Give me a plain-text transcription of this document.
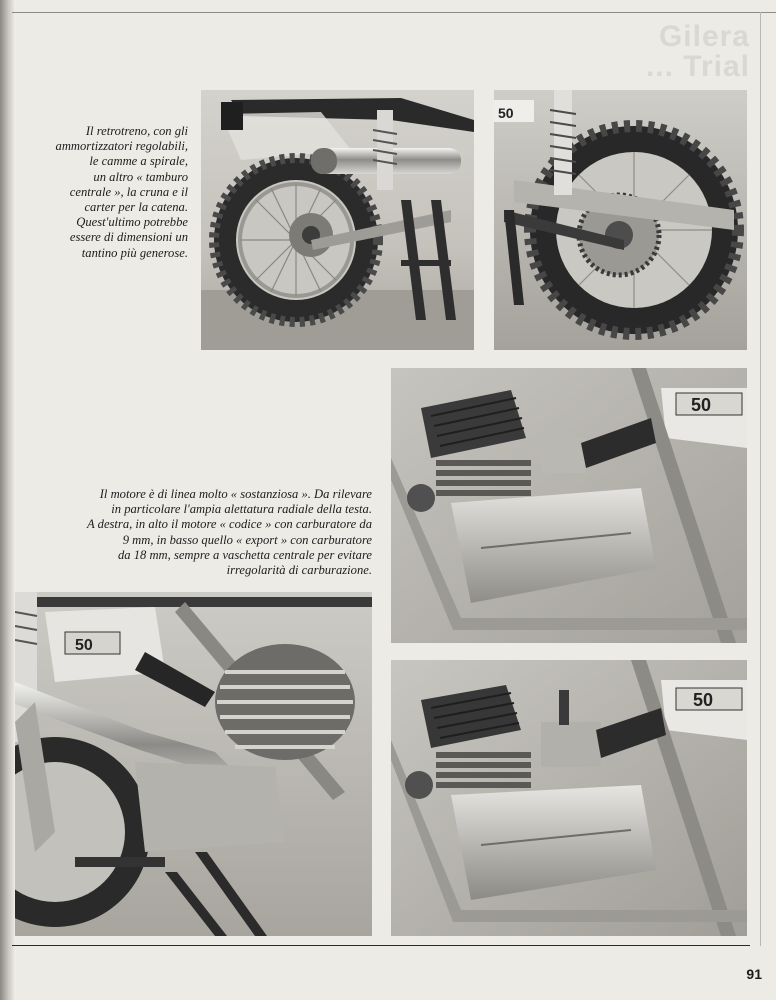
Gilera
... Trial
Il retrotreno, con gli
ammortizzatori regolabili,
le camme a spirale,
un altro « tamburo
centrale », la cruna e il
carter per la catena.
Quest'ultimo potrebbe
essere di dimensioni un
tantino più generose.
50
Il motore è di linea molto « sostanziosa ». Da rilevare
in particolare l'ampia alettatura radiale della testa.
A destra, in alto il motore « codice » con carburatore da
9 mm, in basso quello « export » con carburatore
da 18 mm, sempre a vaschetta centrale per evitare
irregolarità di carburazione.
50
50
50
91
